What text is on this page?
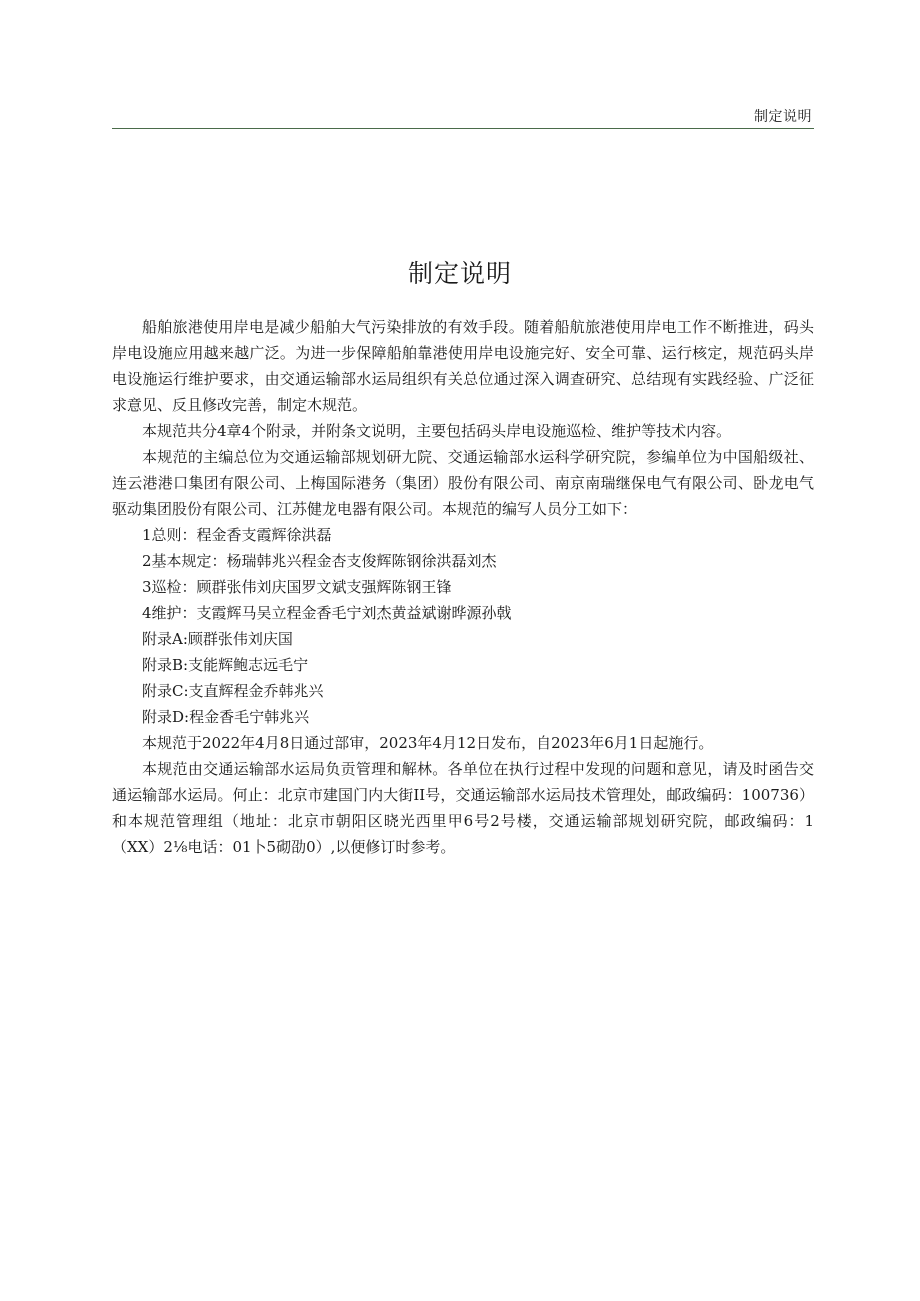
制定说明
制定说明

船舶旅港使用岸电是减少船舶大气污染排放的有效手段。随着船航旅港使用岸电工作不断推进，码头岸电设施应用越来越广泛。为进一步保障船舶靠港使用岸电设施完好、安全可靠、运行核定，规范码头岸电设施运行维护要求，由交通运输部水运局组织有关总位通过深入调查研究、总结现有实践经验、广泛征求意见、反且修改完善，制定木规范。

本规范共分4章4个附录，并附条文说明，主要包括码头岸电设施巡检、维护等技术内容。

本规范的主编总位为交通运输部规划研尢院、交通运输部水运科学研究院，参编单位为中国船级社、连云港港口集团有限公司、上梅国际港务（集团）股份有限公司、南京南瑞继保电气有限公司、卧龙电气驱动集团股份有限公司、江苏健龙电器有限公司。本规范的编写人员分工如下：

1总则：程金香支霞辉徐洪磊

2基本规定：杨瑞韩兆兴程金杏支俊辉陈钢徐洪磊刘杰

3巡检：顾群张伟刘庆国罗文斌支强辉陈钢王锋

4维护：支霞辉马吴立程金香毛宁刘杰黄益斌谢晔源孙戟

附录A:顾群张伟刘庆国

附录B:支能辉鲍志远毛宁

附录C:支直辉程金乔韩兆兴

附录D:程金香毛宁韩兆兴

本规范于2022年4月8日通过部审，2023年4月12日发布，自2023年6月1日起施行。

本规范由交通运输部水运局负贡管理和解林。各单位在执行过程中发现的问题和意见，请及时函告交通运输部水运局。何止：北京市建国门内大街II号，交通运输部水运局技术管理处，邮政编码：100736）和本规范管理组（地址：北京市朝阳区晓光西里甲6号2号楼，交通运输部规划研究院，邮政编码：1（XX）2⅛电话：01卜5砌劭0）,以便修订时参考。
